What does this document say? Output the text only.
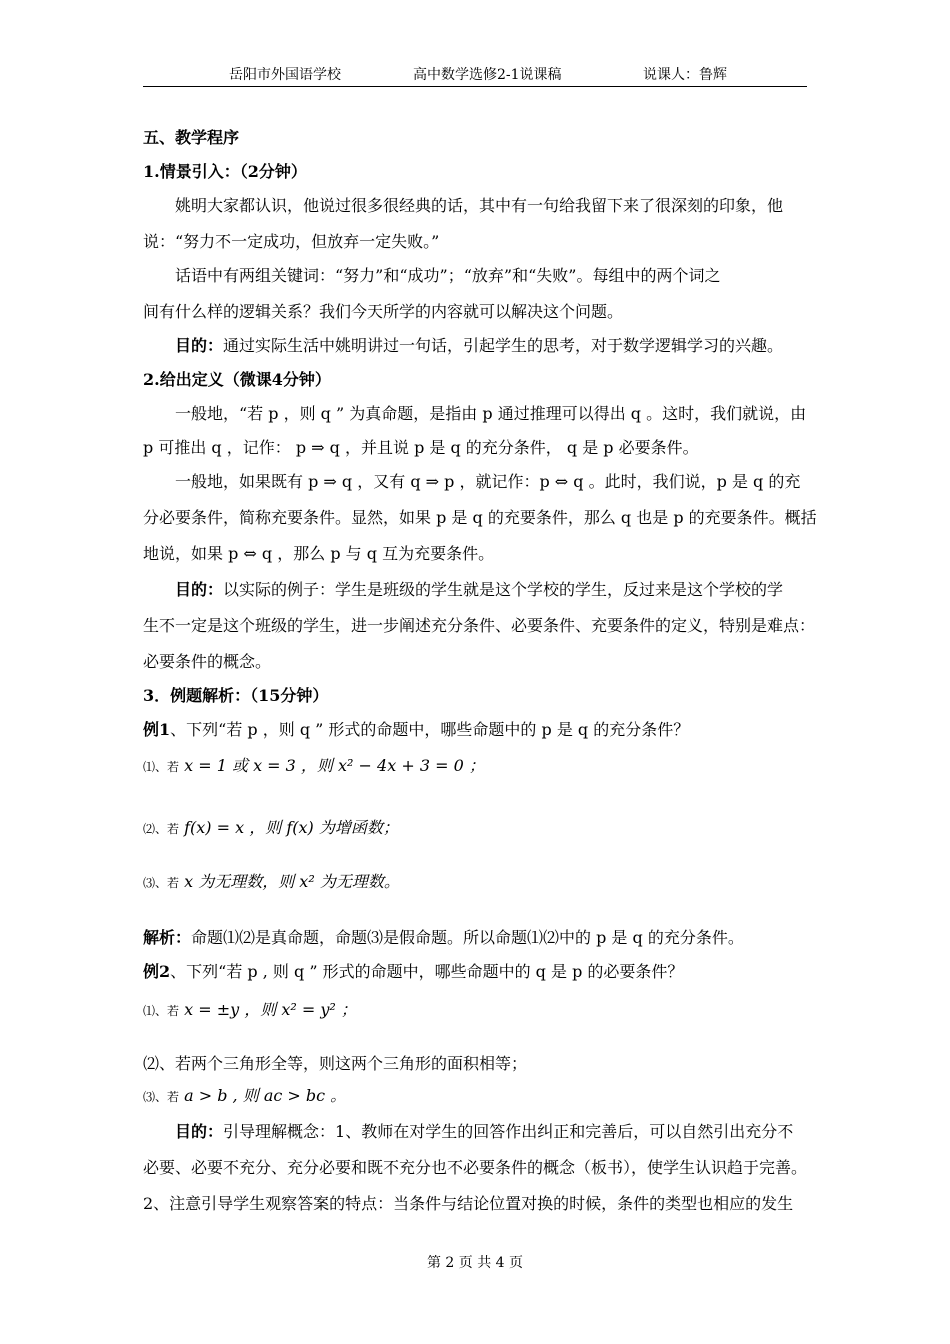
岳阳市外国语学校	高中数学选修2-1说课稿	说课人：鲁辉
五、教学程序
1.情景引入：（2分钟）
姚明大家都认识，他说过很多很经典的话，其中有一句给我留下来了很深刻的印象，他
说：“努力不一定成功，但放弃一定失败。”
话语中有两组关键词：“努力”和“成功”；“放弃”和“失败”。每组中的两个词之
间有什么样的逻辑关系？我们今天所学的内容就可以解决这个问题。
目的：通过实际生活中姚明讲过一句话，引起学生的思考，对于数学逻辑学习的兴趣。
2.给出定义（微课4分钟）
一般地，“若 p ，则 q ” 为真命题，是指由 p 通过推理可以得出 q 。这时，我们就说，由
p 可推出 q ，记作： p ⇒ q ，并且说 p 是 q 的充分条件， q 是 p 必要条件。
一般地，如果既有 p ⇒ q ，又有 q ⇒ p ，就记作：p ⇔ q 。此时，我们说，p 是 q 的充
分必要条件，简称充要条件。显然，如果 p 是 q 的充要条件，那么 q 也是 p 的充要条件。概括
地说，如果 p ⇔ q ，那么 p 与 q 互为充要条件。
目的：以实际的例子：学生是班级的学生就是这个学校的学生，反过来是这个学校的学
生不一定是这个班级的学生，进一步阐述充分条件、必要条件、充要条件的定义，特别是难点：
必要条件的概念。
3．例题解析：（15分钟）
例1、下列“若 p ，则 q ” 形式的命题中，哪些命题中的 p 是 q 的充分条件？
⑴、若 x = 1 或 x = 3 ，则 x² − 4x + 3 = 0 ；
⑵、若 f(x) = x ，则 f(x) 为增函数；
⑶、若 x 为无理数，则 x² 为无理数。
解析：命题⑴⑵是真命题，命题⑶是假命题。所以命题⑴⑵中的 p 是 q 的充分条件。
例2、下列“若 p , 则 q ” 形式的命题中，哪些命题中的 q 是 p 的必要条件？
⑴、若 x = ±y ，则 x² = y² ；
⑵、若两个三角形全等，则这两个三角形的面积相等；
⑶、若 a > b , 则 ac > bc 。
目的：引导理解概念：1、教师在对学生的回答作出纠正和完善后，可以自然引出充分不
必要、必要不充分、充分必要和既不充分也不必要条件的概念（板书），使学生认识趋于完善。
2、注意引导学生观察答案的特点：当条件与结论位置对换的时候，条件的类型也相应的发生
第 2 页 共 4 页
